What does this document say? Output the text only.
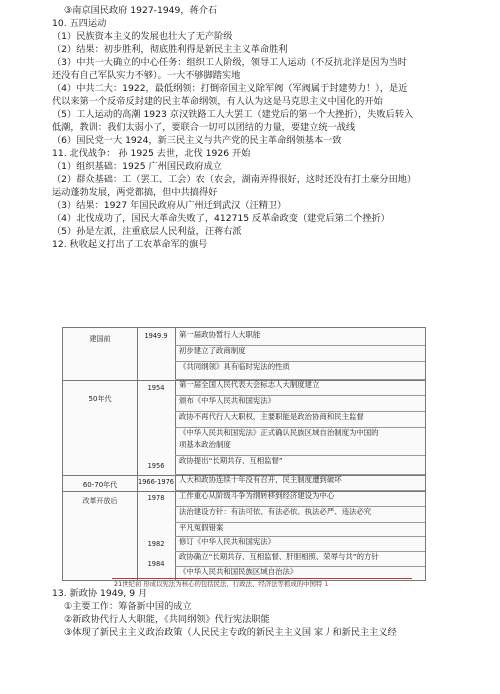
③南京国民政府 1927-1949，蒋介石
10. 五四运动
（1）民族资本主义的发展也壮大了无产阶级
（2）结果：初步胜利，彻底胜利得是新民主主义革命胜利
（3）中共一大确立的中心任务：组织工人阶级，领导工人运动（不反抗北洋是因为当时
还没有自己军队实力不够）。一大不够脚踏实地
（4）中共二大：1922，最低纲领：打倒帝国主义除军阀（军阀属于封建势力！），是近
代以来第一个反帝反封建的民主革命纲领，有人认为这是马克思主义中国化的开始
（5）工人运动的高潮 1923 京汉铁路工人大罢工（建党后的第一个大挫折），失败后转入
低潮，教训：我们太弱小了，要联合一切可以团结的力量，要建立统一战线
（6）国民党一大 1924，新三民主义与共产党的民主革命纲领基本一致
11. 北伐战争： 孙 1925 去世，北伐 1926 开始
（1）组织基础：1925 广州国民政府成立
（2）群众基础：工（罢工、工会）农（农会，湖南弄得很好，这时还没有打土豪分田地）
运动蓬勃发展，两党都搞，但中共搞得好
（3）结果：1927 年国民政府从广州迁到武汉（汪精卫）
（4）北伐成功了，国民大革命失败了，412715 反革命政变（建党后第二个挫折）
（5）孙是左派，注重底层人民利益，汪蒋右派
12. 秋收起义打出了工农革命军的旗号
建国前
50年代
60-70年代
改革开放后
1949.9
1954
1956
1966-1976
1978
1982
1984
第一届政协暂行人大职能
初步建立了政商制度
《共同纲领》具有临时宪法的性质
第一届全国人民代表大会标志人大制度建立
颁布《中华人民共和国宪法》
政协不再代行人大职权，主要职能是政治协商和民主监督
《中华人民共和国宪法》正式确认民族区域自治制度为中国的
项基本政治制度
政协提出“长期共存、互相监督”
人大和政协连续十年没有召开，民主制度遭到破坏
工作重心从阶级斗争为纲转移到经济建设为中心
法治建设方针：有法可依、有法必依、执法必严、违法必究
平凡冤假错案
修订《中华人民共和国宪法》
政协确立“长期共存、互相监督、肝胆相照、荣辱与共”的方针
《中华人民共和国民族区域自治法》
21世纪初 形成以宪法为核心的包括民法、行政法、经济法等抓成的中国特 1
13. 新政协 1949, 9 月
①主要工作：筹备新中国的成立
②新政协代行人大职能，《共同纲领》代行宪法职能
③体现了新民主主义政治政策（人民民主专政的新民主主义国 家丿和新民主主义经
